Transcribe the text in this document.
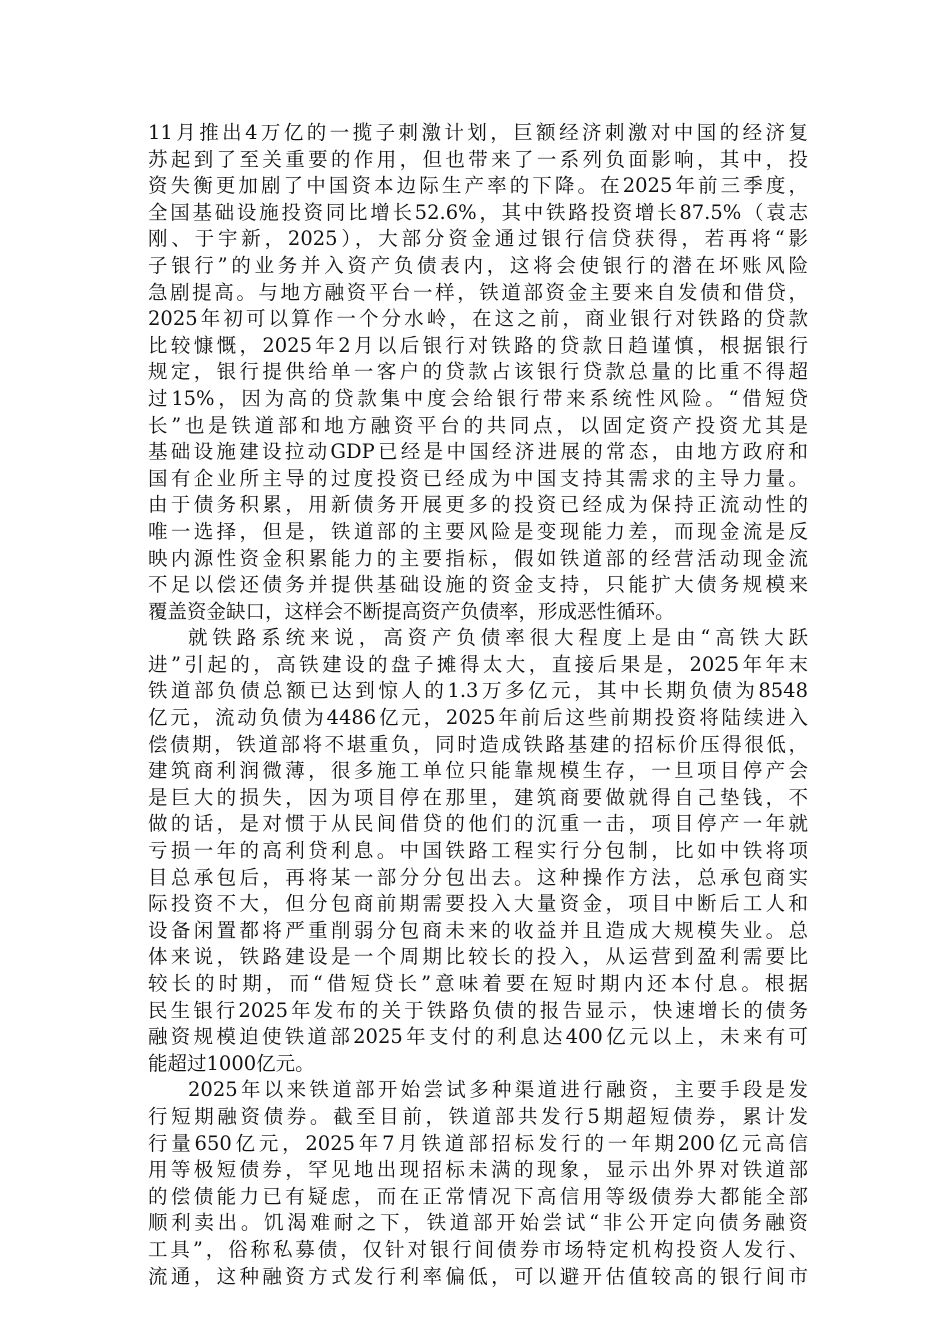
11月推出4万亿的一揽子刺激计划，巨额经济刺激对中国的经济复
苏起到了至关重要的作用，但也带来了一系列负面影响，其中，投
资失衡更加剧了中国资本边际生产率的下降。在2025年前三季度，
全国基础设施投资同比增长52.6%，其中铁路投资增长87.5%（袁志
刚、于宇新，2025），大部分资金通过银行信贷获得，若再将“影
子银行”的业务并入资产负债表内，这将会使银行的潜在坏账风险
急剧提高。与地方融资平台一样，铁道部资金主要来自发债和借贷，
2025年初可以算作一个分水岭，在这之前，商业银行对铁路的贷款
比较慷慨，2025年2月以后银行对铁路的贷款日趋谨慎，根据银行
规定，银行提供给单一客户的贷款占该银行贷款总量的比重不得超
过15%，因为高的贷款集中度会给银行带来系统性风险。“借短贷
长”也是铁道部和地方融资平台的共同点，以固定资产投资尤其是
基础设施建设拉动GDP已经是中国经济进展的常态，由地方政府和
国有企业所主导的过度投资已经成为中国支持其需求的主导力量。
由于债务积累，用新债务开展更多的投资已经成为保持正流动性的
唯一选择，但是，铁道部的主要风险是变现能力差，而现金流是反
映内源性资金积累能力的主要指标，假如铁道部的经营活动现金流
不足以偿还债务并提供基础设施的资金支持，只能扩大债务规模来
覆盖资金缺口，这样会不断提高资产负债率，形成恶性循环。
就铁路系统来说，高资产负债率很大程度上是由“高铁大跃
进”引起的，高铁建设的盘子摊得太大，直接后果是，2025年年末
铁道部负债总额已达到惊人的1.3万多亿元，其中长期负债为8548
亿元，流动负债为4486亿元，2025年前后这些前期投资将陆续进入
偿债期，铁道部将不堪重负，同时造成铁路基建的招标价压得很低，
建筑商利润微薄，很多施工单位只能靠规模生存，一旦项目停产会
是巨大的损失，因为项目停在那里，建筑商要做就得自己垫钱，不
做的话，是对惯于从民间借贷的他们的沉重一击，项目停产一年就
亏损一年的高利贷利息。中国铁路工程实行分包制，比如中铁将项
目总承包后，再将某一部分分包出去。这种操作方法，总承包商实
际投资不大，但分包商前期需要投入大量资金，项目中断后工人和
设备闲置都将严重削弱分包商未来的收益并且造成大规模失业。总
体来说，铁路建设是一个周期比较长的投入，从运营到盈利需要比
较长的时期，而“借短贷长”意味着要在短时期内还本付息。根据
民生银行2025年发布的关于铁路负债的报告显示，快速增长的债务
融资规模迫使铁道部2025年支付的利息达400亿元以上，未来有可
能超过1000亿元。
2025年以来铁道部开始尝试多种渠道进行融资，主要手段是发
行短期融资债券。截至目前，铁道部共发行5期超短债券，累计发
行量650亿元，2025年7月铁道部招标发行的一年期200亿元高信
用等极短债券，罕见地出现招标未满的现象，显示出外界对铁道部
的偿债能力已有疑虑，而在正常情况下高信用等级债券大都能全部
顺利卖出。饥渴难耐之下，铁道部开始尝试“非公开定向债务融资
工具”，俗称私募债，仅针对银行间债券市场特定机构投资人发行、
流通，这种融资方式发行利率偏低，可以避开估值较高的银行间市
